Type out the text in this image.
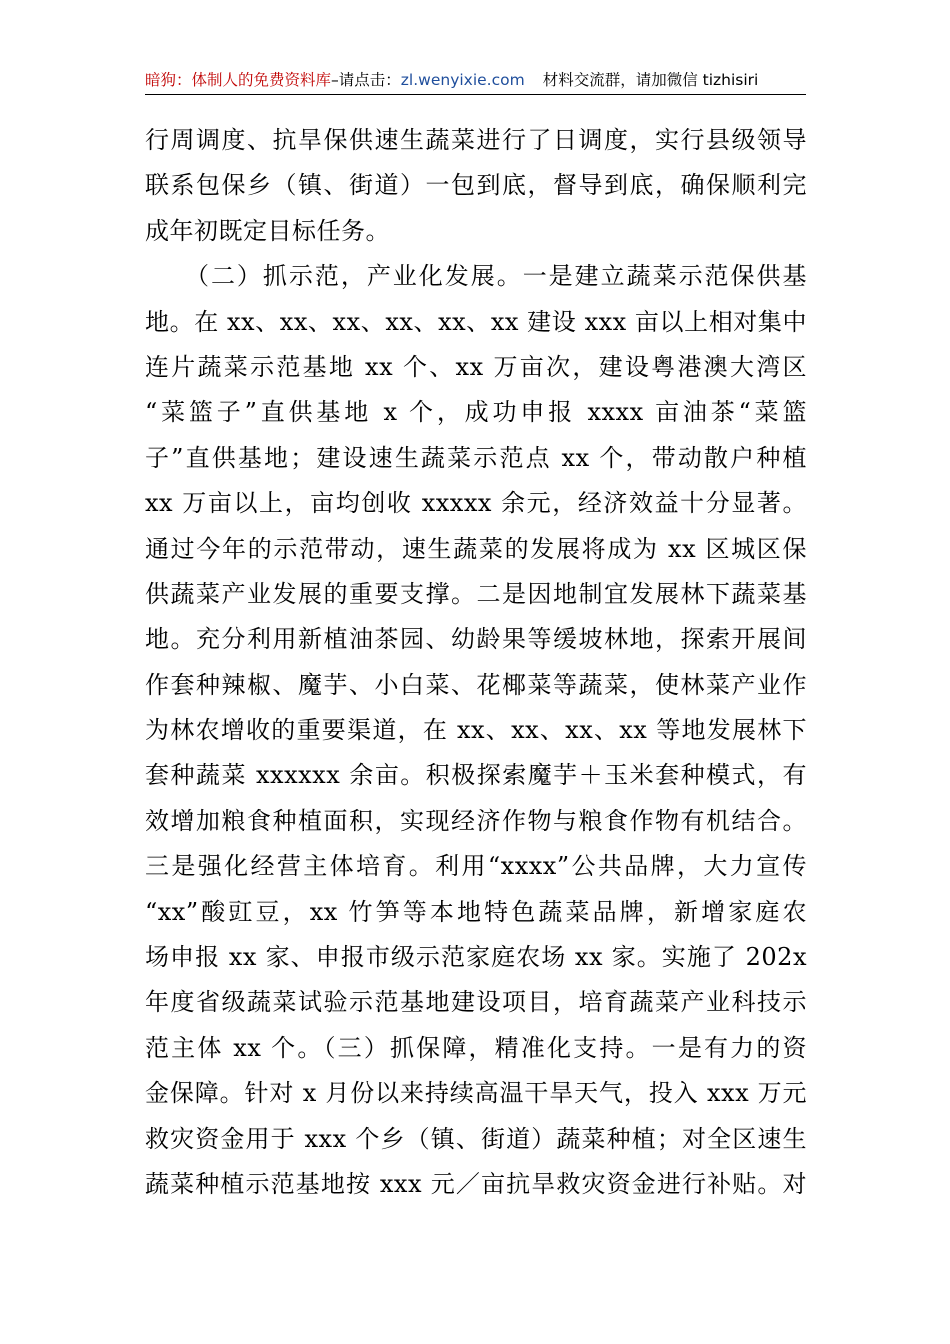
暗狗：体制人的免费资料库–请点击：zl.wenyixie.com 材料交流群，请加微信 tizhisiri
行周调度、抗旱保供速生蔬菜进行了日调度，实行县级领导
联系包保乡（镇、街道）一包到底，督导到底，确保顺利完
成年初既定目标任务。
　　（二）抓示范，产业化发展。一是建立蔬菜示范保供基
地。在 xx、xx、xx、xx、xx、xx 建设 xxx 亩以上相对集中
连片蔬菜示范基地 xx 个、xx 万亩次，建设粤港澳大湾区
“菜篮子”直供基地 x 个，成功申报 xxxx 亩油茶“菜篮
子”直供基地；建设速生蔬菜示范点 xx 个，带动散户种植
xx 万亩以上，亩均创收 xxxxx 余元，经济效益十分显著。
通过今年的示范带动，速生蔬菜的发展将成为 xx 区城区保
供蔬菜产业发展的重要支撑。二是因地制宜发展林下蔬菜基
地。充分利用新植油茶园、幼龄果等缓坡林地，探索开展间
作套种辣椒、魔芋、小白菜、花椰菜等蔬菜，使林菜产业作
为林农增收的重要渠道，在 xx、xx、xx、xx 等地发展林下
套种蔬菜 xxxxxx 余亩。积极探索魔芋＋玉米套种模式，有
效增加粮食种植面积，实现经济作物与粮食作物有机结合。
三是强化经营主体培育。利用“xxxx”公共品牌，大力宣传
“xx”酸豇豆，xx 竹笋等本地特色蔬菜品牌，新增家庭农
场申报 xx 家、申报市级示范家庭农场 xx 家。实施了 202x
年度省级蔬菜试验示范基地建设项目，培育蔬菜产业科技示
范主体 xx 个。（三）抓保障，精准化支持。一是有力的资
金保障。针对 x 月份以来持续高温干旱天气，投入 xxx 万元
救灾资金用于 xxx 个乡（镇、街道）蔬菜种植；对全区速生
蔬菜种植示范基地按 xxx 元／亩抗旱救灾资金进行补贴。对
